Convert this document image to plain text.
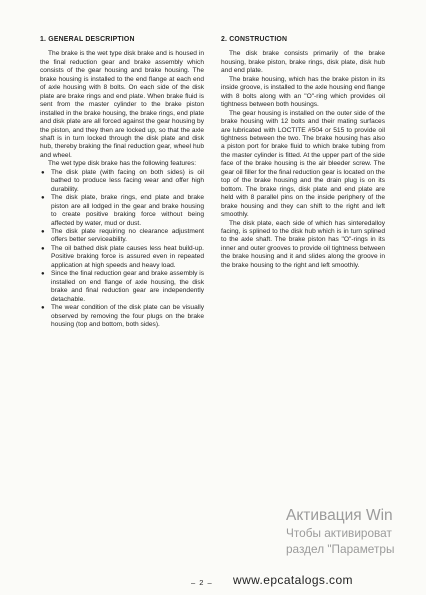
1. GENERAL DESCRIPTION

The brake is the wet type disk brake and is housed in the final reduction gear and brake assembly which consists of the gear housing and brake housing. The brake housing is installed to the end flange at each end of axle housing with 8 bolts. On each side of the disk plate are brake rings and end plate. When brake fluid is sent from the master cylinder to the brake piston installed in the brake housing, the brake rings, end plate and disk plate are all forced against the gear housing by the piston, and they then are locked up, so that the axle shaft is in turn locked through the disk plate and disk hub, thereby braking the final reduction gear, wheel hub and wheel.

The wet type disk brake has the following features:

● The disk plate (with facing on both sides) is oil bathed to produce less facing wear and offer high durability.
● The disk plate, brake rings, end plate and brake piston are all lodged in the gear and brake housing to create positive braking force without being affected by water, mud or dust.
● The disk plate requiring no clearance adjustment offers better serviceability.
● The oil bathed disk plate causes less heat build-up. Positive braking force is assured even in repeated application at high speeds and heavy load.
● Since the final reduction gear and brake assembly is installed on end flange of axle housing, the disk brake and final reduction gear are independently detachable.
● The wear condition of the disk plate can be visually observed by removing the four plugs on the brake housing (top and bottom, both sides).
2. CONSTRUCTION

The disk brake consists primarily of the brake housing, brake piston, brake rings, disk plate, disk hub and end plate.

The brake housing, which has the brake piston in its inside groove, is installed to the axle housing end flange with 8 bolts along with an "O"-ring which provides oil tightness between both housings.

The gear housing is installed on the outer side of the brake housing with 12 bolts and their mating surfaces are lubricated with LOCTITE #504 or 515 to provide oil tightness between the two. The brake housing has also a piston port for brake fluid to which brake tubing from the master cylinder is fitted. At the upper part of the side face of the brake housing is the air bleeder screw. The gear oil filler for the final reduction gear is located on the top of the brake housing and the drain plug is on its bottom. The brake rings, disk plate and end plate are held with 8 parallel pins on the inside periphery of the brake housing and they can shift to the right and left smoothly.

The disk plate, each side of which has sinteredalloy facing, is splined to the disk hub which is in turn splined to the axle shaft. The brake piston has "O"-rings in its inner and outer grooves to provide oil tightness between the brake housing and it and slides along the groove in the brake housing to the right and left smoothly.

Активация Win
Чтобы активироват
раздел "Параметры
– 2 – www.epcatalogs.com
